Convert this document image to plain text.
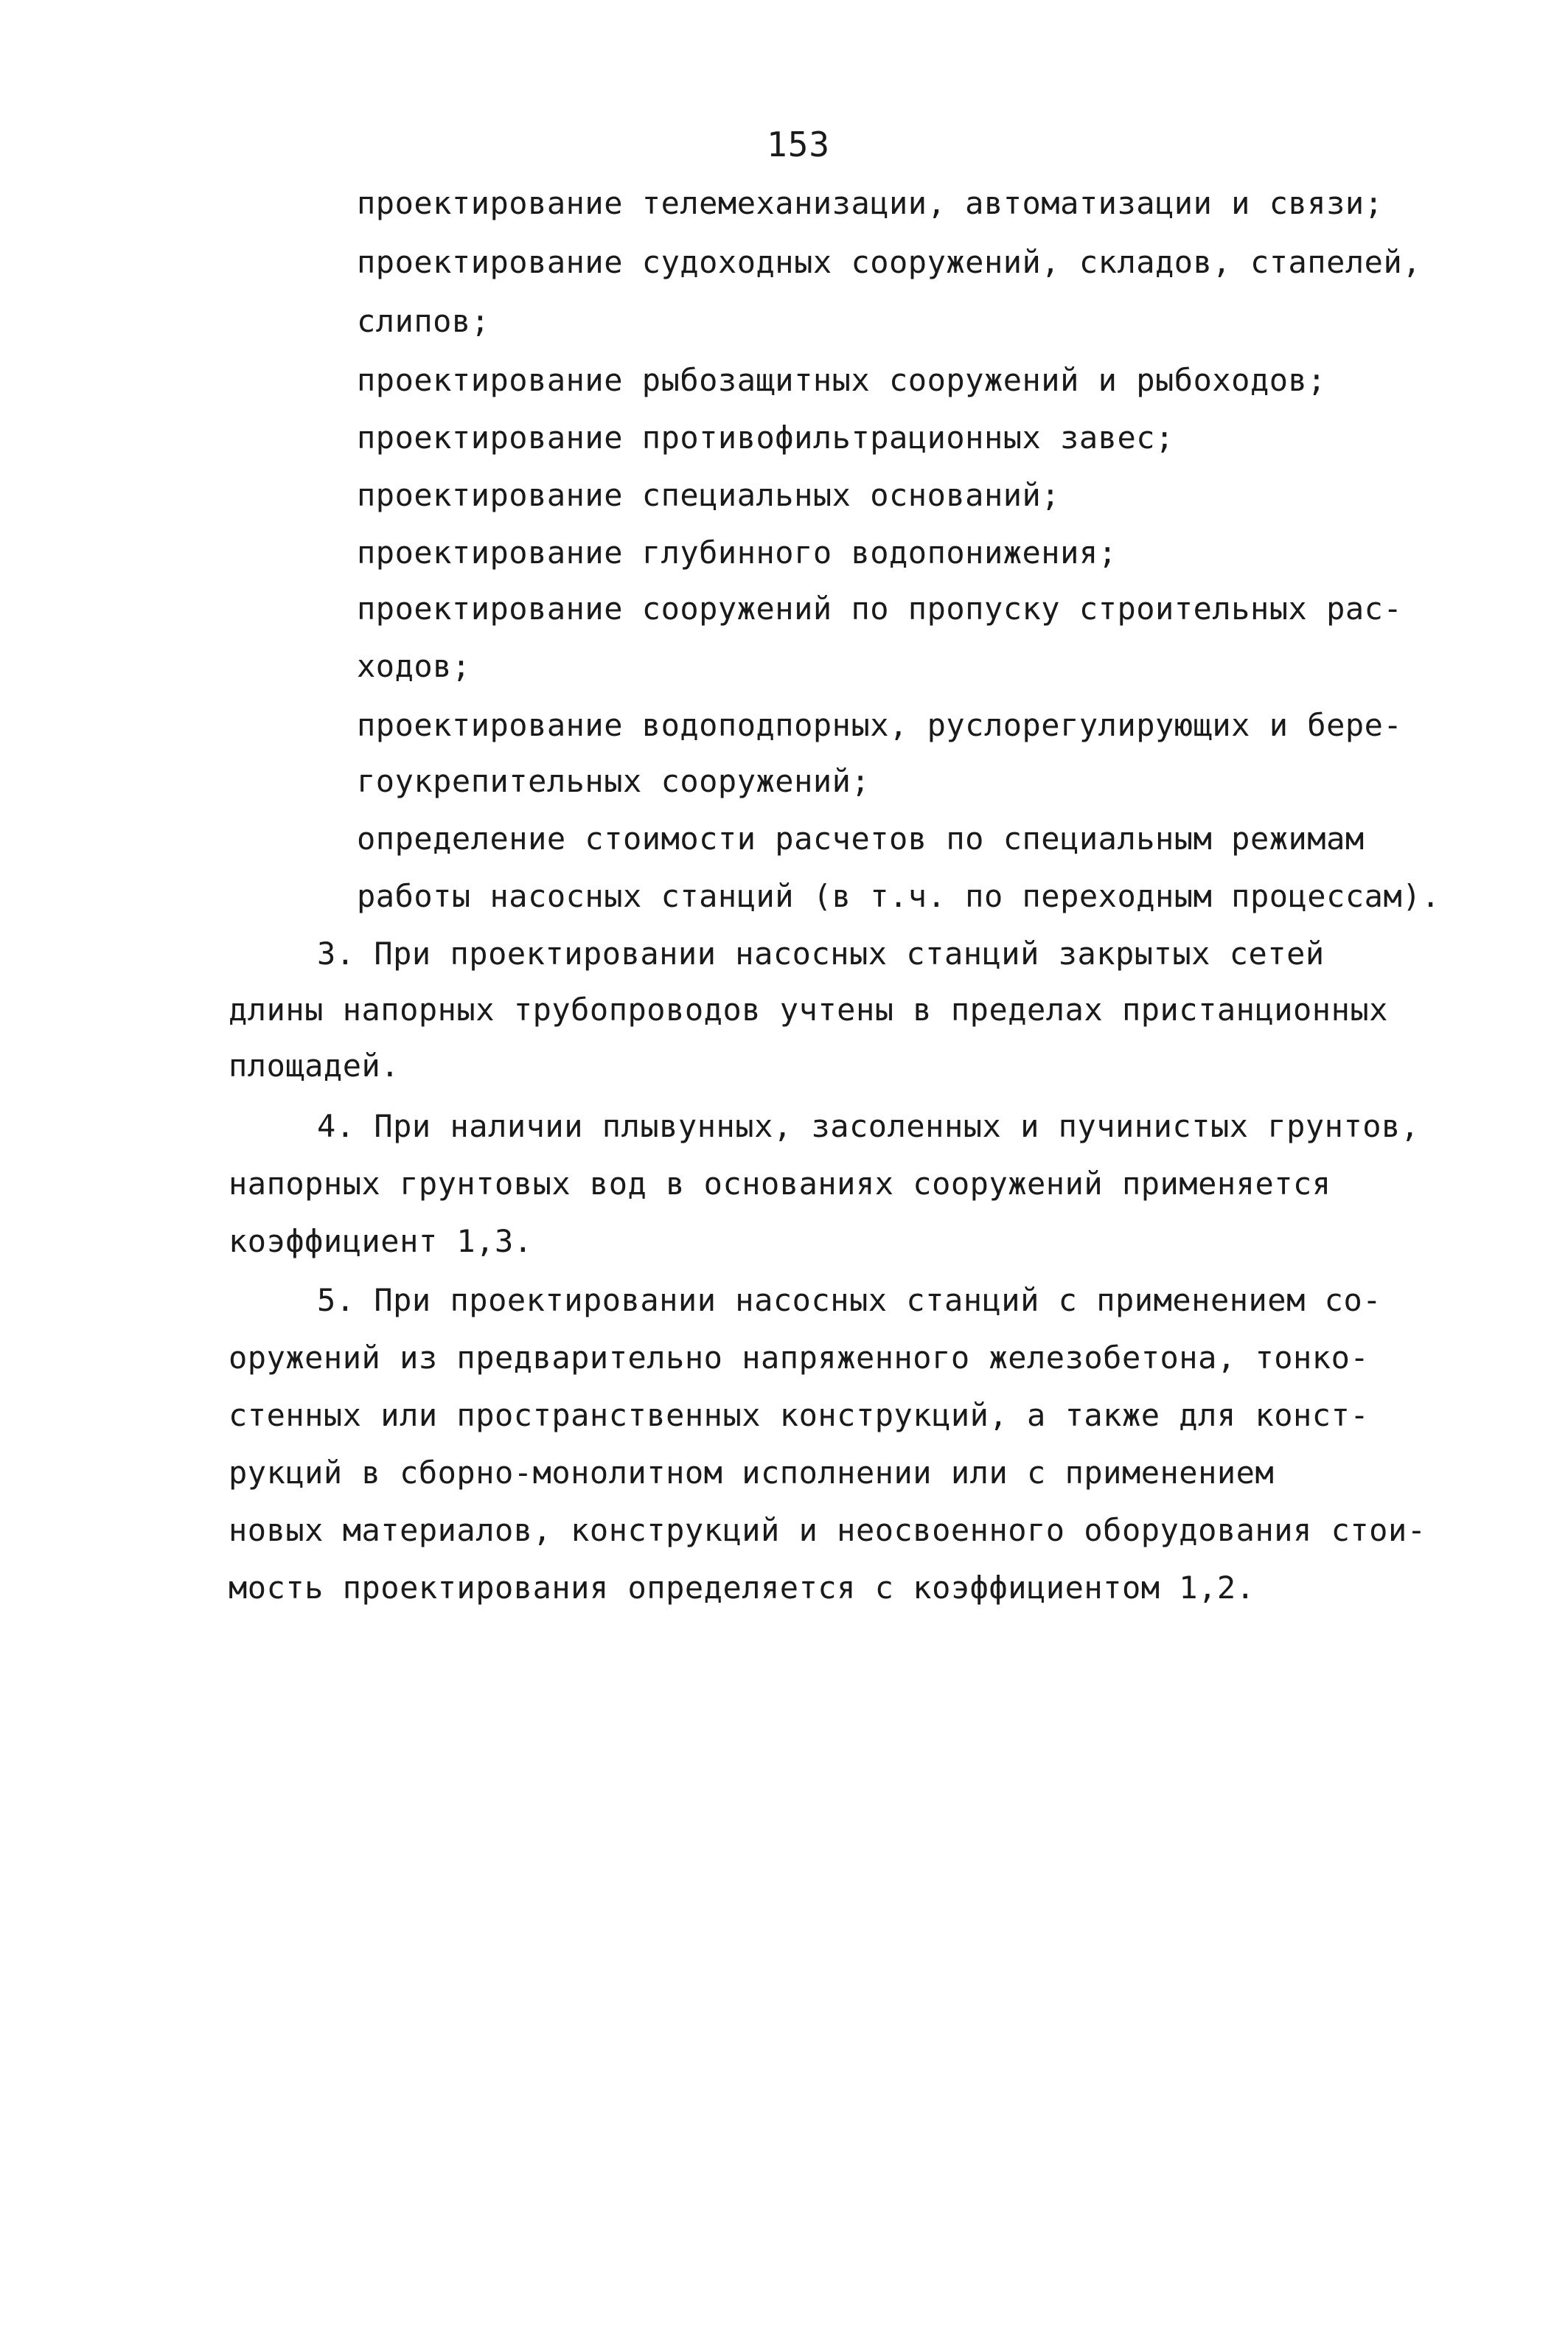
153
проектирование телемеханизации, автоматизации и связи;
проектирование судоходных сооружений, складов, стапелей,
слипов;
проектирование рыбозащитных сооружений и рыбоходов;
проектирование противофильтрационных завес;
проектирование специальных оснований;
проектирование глубинного водопонижения;
проектирование сооружений по пропуску строительных рас-
ходов;
проектирование водоподпорных, руслорегулирующих и бере-
гоукрепительных сооружений;
определение стоимости расчетов по специальным режимам
работы насосных станций (в т.ч. по переходным процессам).
3. При проектировании насосных станций закрытых сетей
длины напорных трубопроводов учтены в пределах пристанционных
площадей.
4. При наличии плывунных, засоленных и пучинистых грунтов,
напорных грунтовых вод в основаниях сооружений применяется
коэффициент 1,3.
5. При проектировании насосных станций с применением со-
оружений из предварительно напряженного железобетона, тонко-
стенных или пространственных конструкций, а также для конст-
рукций в сборно-монолитном исполнении или с применением
новых материалов, конструкций и неосвоенного оборудования стои-
мость проектирования определяется с коэффициентом 1,2.
